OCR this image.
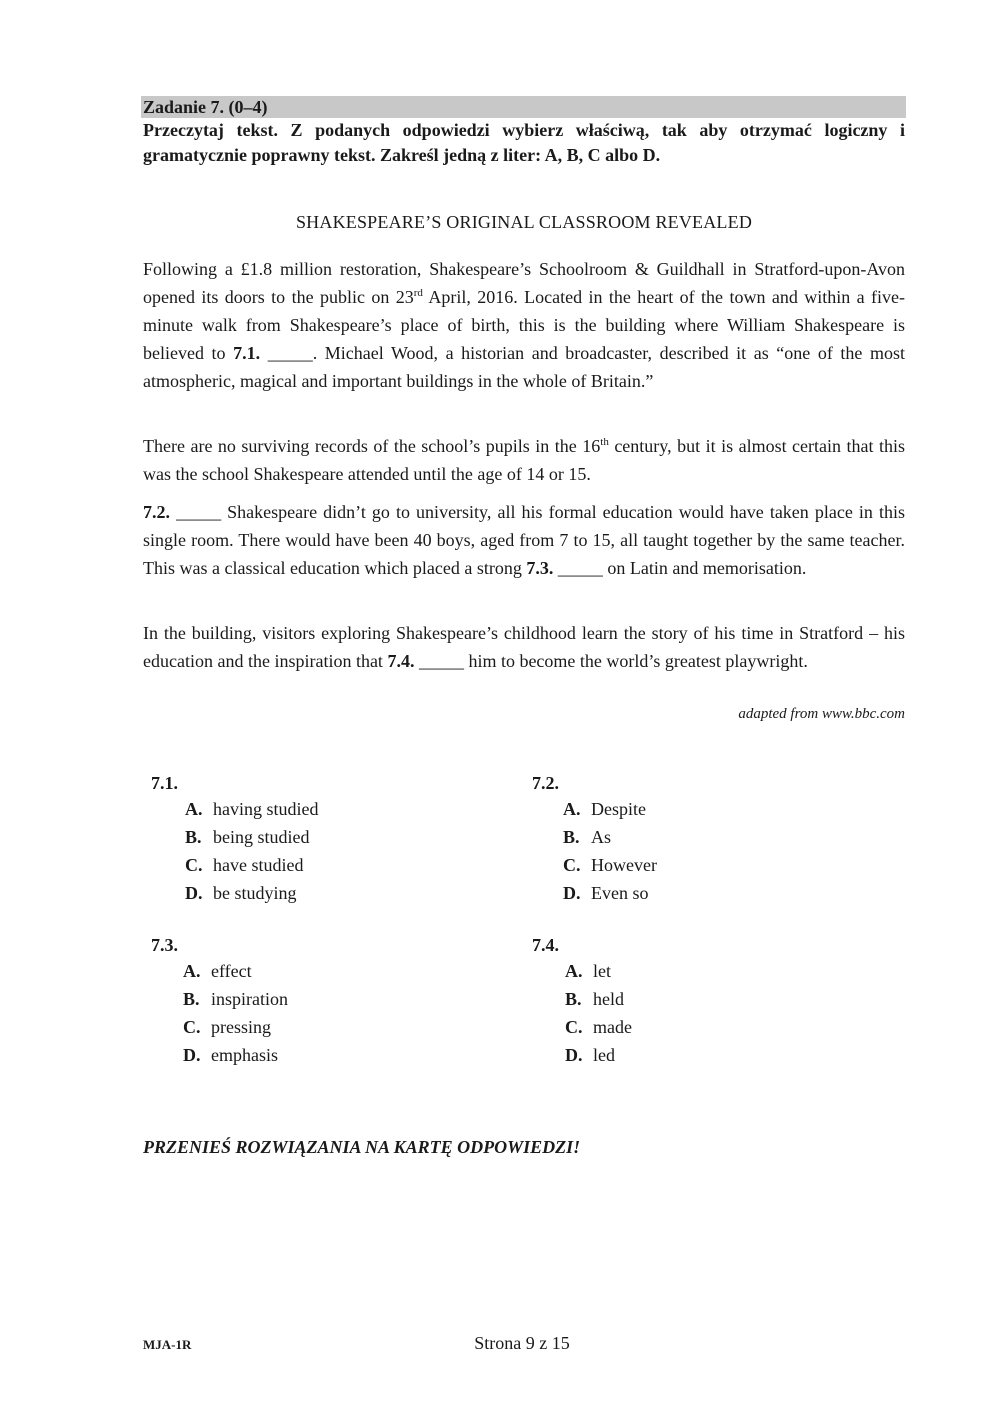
Zadanie 7. (0–4)
Przeczytaj tekst. Z podanych odpowiedzi wybierz właściwą, tak aby otrzymać logiczny i gramatycznie poprawny tekst. Zakreśl jedną z liter: A, B, C albo D.
SHAKESPEARE’S ORIGINAL CLASSROOM REVEALED

Following a £1.8 million restoration, Shakespeare’s Schoolroom & Guildhall in Stratford-upon-Avon opened its doors to the public on 23rd April, 2016. Located in the heart of the town and within a five-minute walk from Shakespeare’s place of birth, this is the building where William Shakespeare is believed to 7.1. _____. Michael Wood, a historian and broadcaster, described it as “one of the most atmospheric, magical and important buildings in the whole of Britain.”

There are no surviving records of the school’s pupils in the 16th century, but it is almost certain that this was the school Shakespeare attended until the age of 14 or 15.

7.2. _____ Shakespeare didn’t go to university, all his formal education would have taken place in this single room. There would have been 40 boys, aged from 7 to 15, all taught together by the same teacher. This was a classical education which placed a strong 7.3. _____ on Latin and memorisation.

In the building, visitors exploring Shakespeare’s childhood learn the story of his time in Stratford – his education and the inspiration that 7.4. _____ him to become the world’s greatest playwright.

adapted from www.bbc.com
7.1.
A. having studied
B. being studied
C. have studied
D. be studying
7.2.
A. Despite
B. As
C. However
D. Even so
7.3.
A. effect
B. inspiration
C. pressing
D. emphasis
7.4.
A. let
B. held
C. made
D. led
PRZENIEŚ ROZWIĄZANIA NA KARTĘ ODPOWIEDZI!
MJA-1R	Strona 9 z 15
